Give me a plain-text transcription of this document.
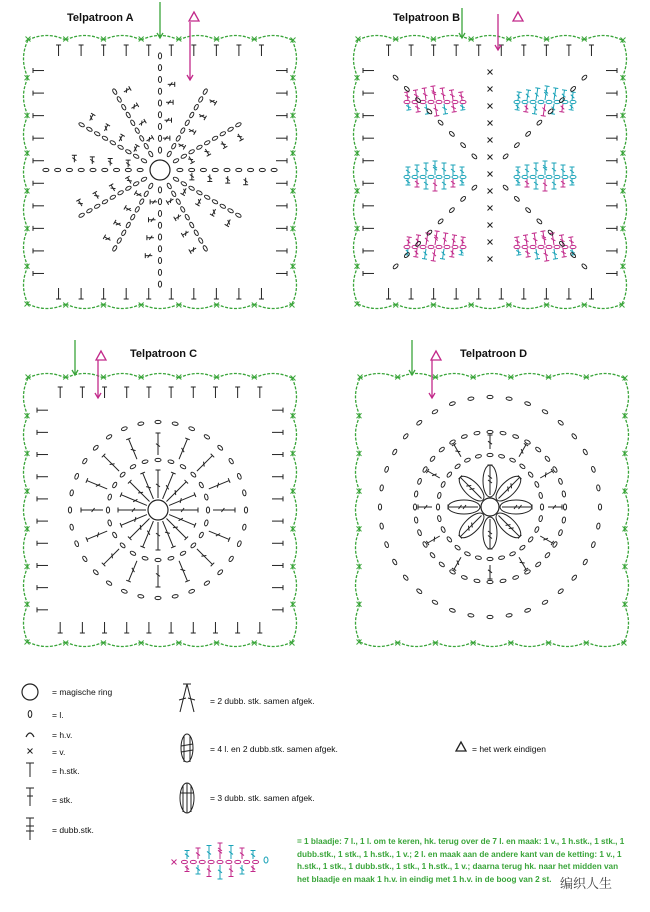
Telpatroon A	Telpatroon B
Telpatroon C	Telpatroon D
= magische ring
= l.
= h.v.
= v.
= h.stk.
= stk.
= dubb.stk.
= 2 dubb. stk. samen afgek.
= 4 l. en 2 dubb.stk. samen afgek.
= 3 dubb. stk. samen afgek.
= het werk eindigen
= 1 blaadje: 7 l., 1 l. om te keren, hk. terug over de 7 l. en maak: 1 v., 1 h.stk., 1 stk., 1 dubb.stk., 1 stk., 1 h.stk., 1 v.; 2 l. en maak aan de andere kant van de ketting: 1 v., 1 h.stk., 1 stk., 1 dubb.stk., 1 stk., 1 h.stk., 1 v.; daarna terug hk. naar het midden van het blaadje en maak 1 h.v. in eindig met 1 h.v. in de boog van 2 st. 编织人生
